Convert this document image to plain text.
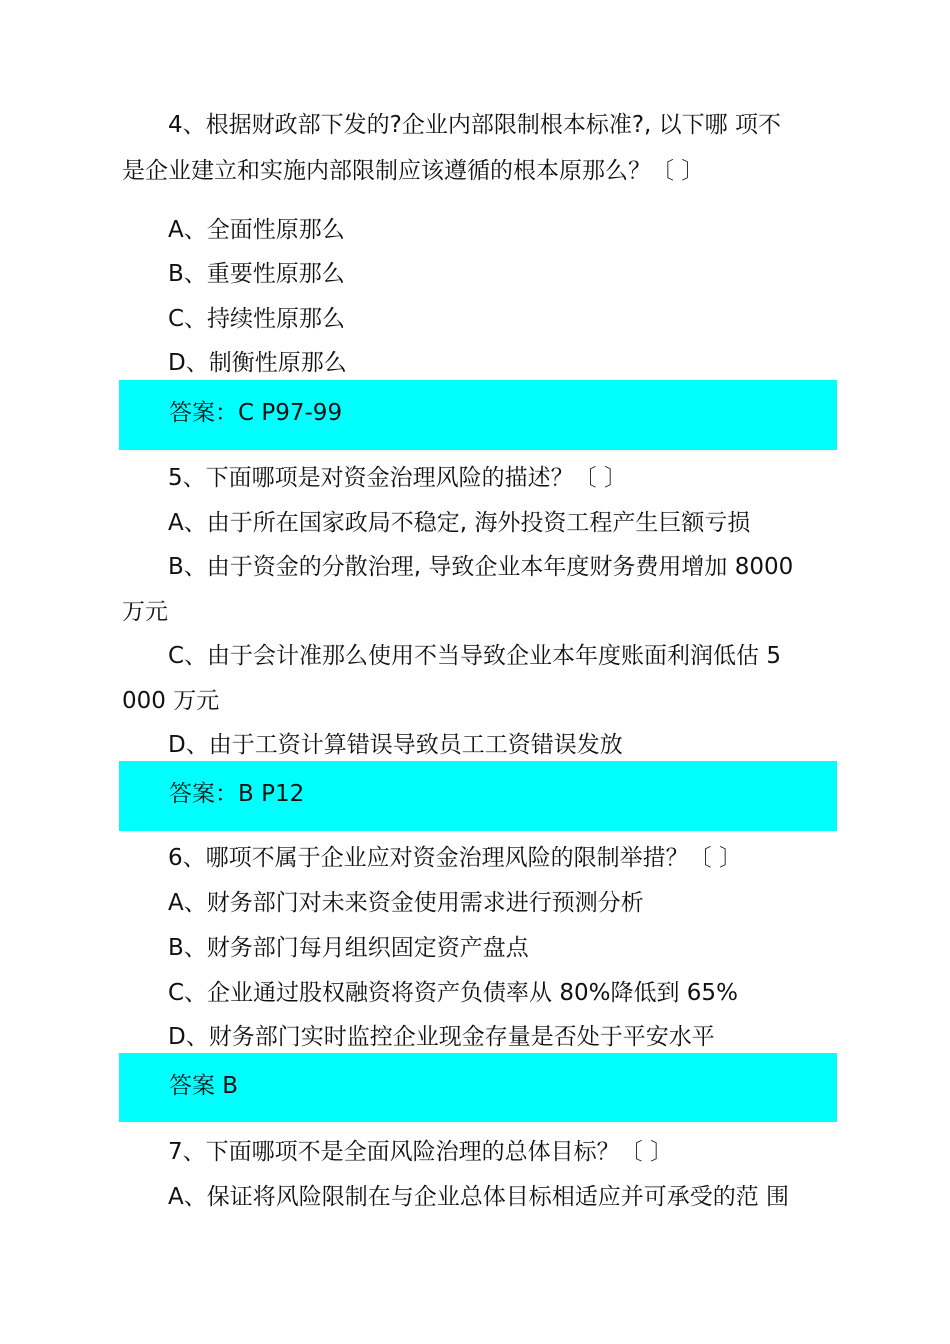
4、根据财政部下发的?企业内部限制根本标准?, 以下哪 项不
是企业建立和实施内部限制应该遵循的根本原那么？〔 〕
A、全面性原那么
B、重要性原那么
C、持续性原那么
D、制衡性原那么
答案：C P97-99
5、下面哪项是对资金治理风险的描述？〔 〕
A、由于所在国家政局不稳定, 海外投资工程产生巨额亏损
B、由于资金的分散治理, 导致企业本年度财务费用增加 8000
万元
C、由于会计准那么使用不当导致企业本年度账面利润低估 5
000 万元
D、由于工资计算错误导致员工工资错误发放
答案：B P12
6、哪项不属于企业应对资金治理风险的限制举措？〔 〕
A、财务部门对未来资金使用需求进行预测分析
B、财务部门每月组织固定资产盘点
C、企业通过股权融资将资产负债率从 80%降低到 65%
D、财务部门实时监控企业现金存量是否处于平安水平
答案 B
7、下面哪项不是全面风险治理的总体目标？〔 〕
A、保证将风险限制在与企业总体目标相适应并可承受的范 围
